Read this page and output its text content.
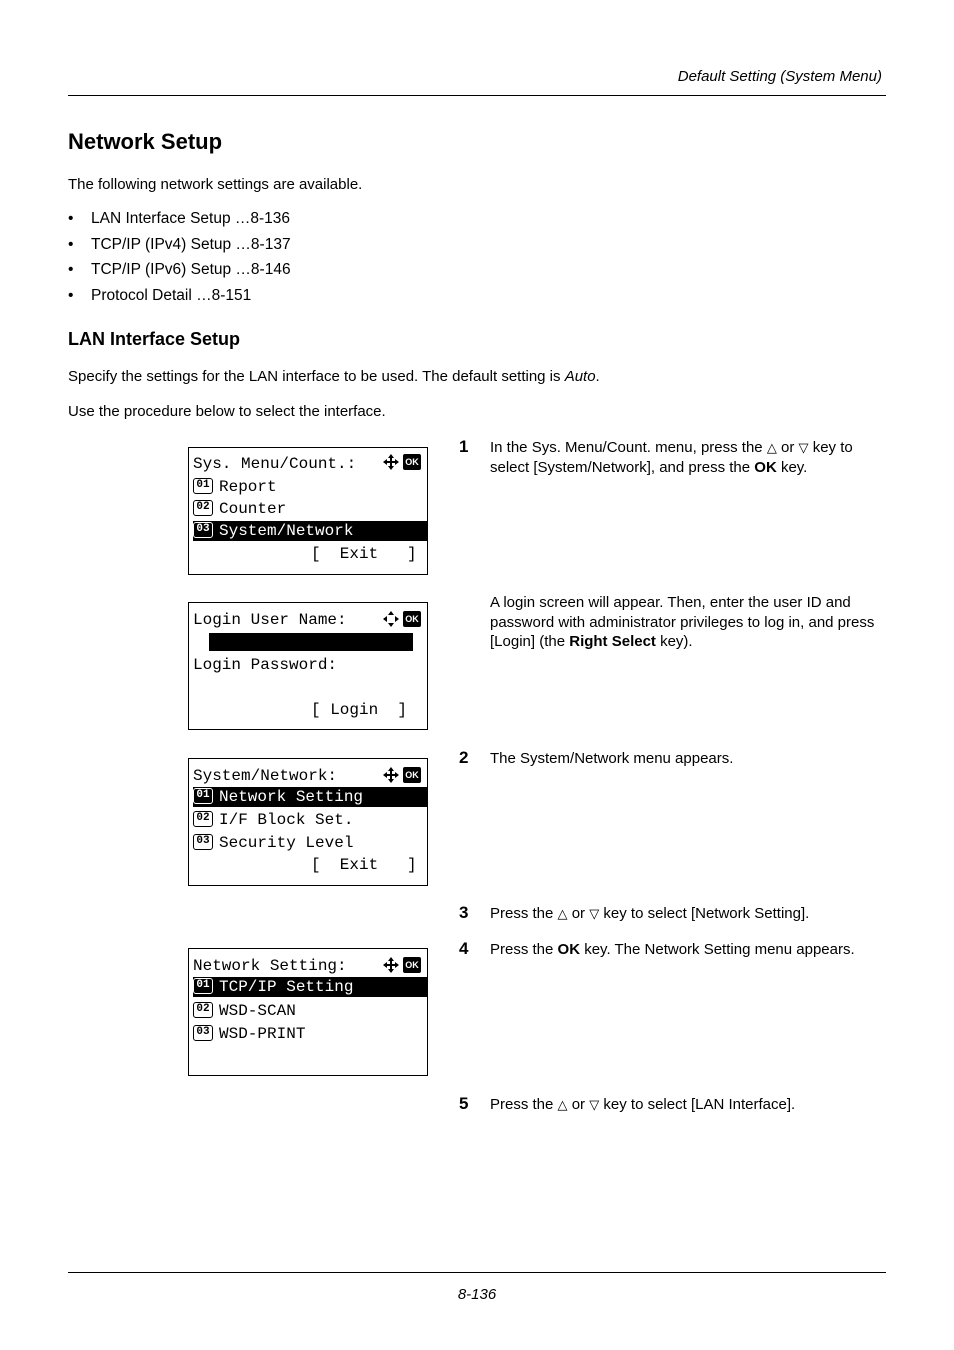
Default Setting (System Menu)
Network Setup
The following network settings are available.
• LAN Interface Setup …8-136
• TCP/IP (IPv4) Setup …8-137
• TCP/IP (IPv6) Setup …8-146
• Protocol Detail …8-151
LAN Interface Setup
Specify the settings for the LAN interface to be used. The default setting is Auto.
Use the procedure below to select the interface.
Sys. Menu/Count.:	OK
01 Report
02 Counter
03 System/Network
[  Exit   ]
Login User Name:	OK
Login Password:
[ Login  ]
System/Network:	OK
01 Network Setting
02 I/F Block Set.
03 Security Level
[  Exit   ]
Network Setting:	OK
01 TCP/IP Setting
02 WSD-SCAN
03 WSD-PRINT
1 In the Sys. Menu/Count. menu, press the △ or ▽ key to select [System/Network], and press the OK key.
A login screen will appear. Then, enter the user ID and password with administrator privileges to log in, and press [Login] (the Right Select key).
2 The System/Network menu appears.
3 Press the △ or ▽ key to select [Network Setting].
4 Press the OK key. The Network Setting menu appears.
5 Press the △ or ▽ key to select [LAN Interface].
8-136
